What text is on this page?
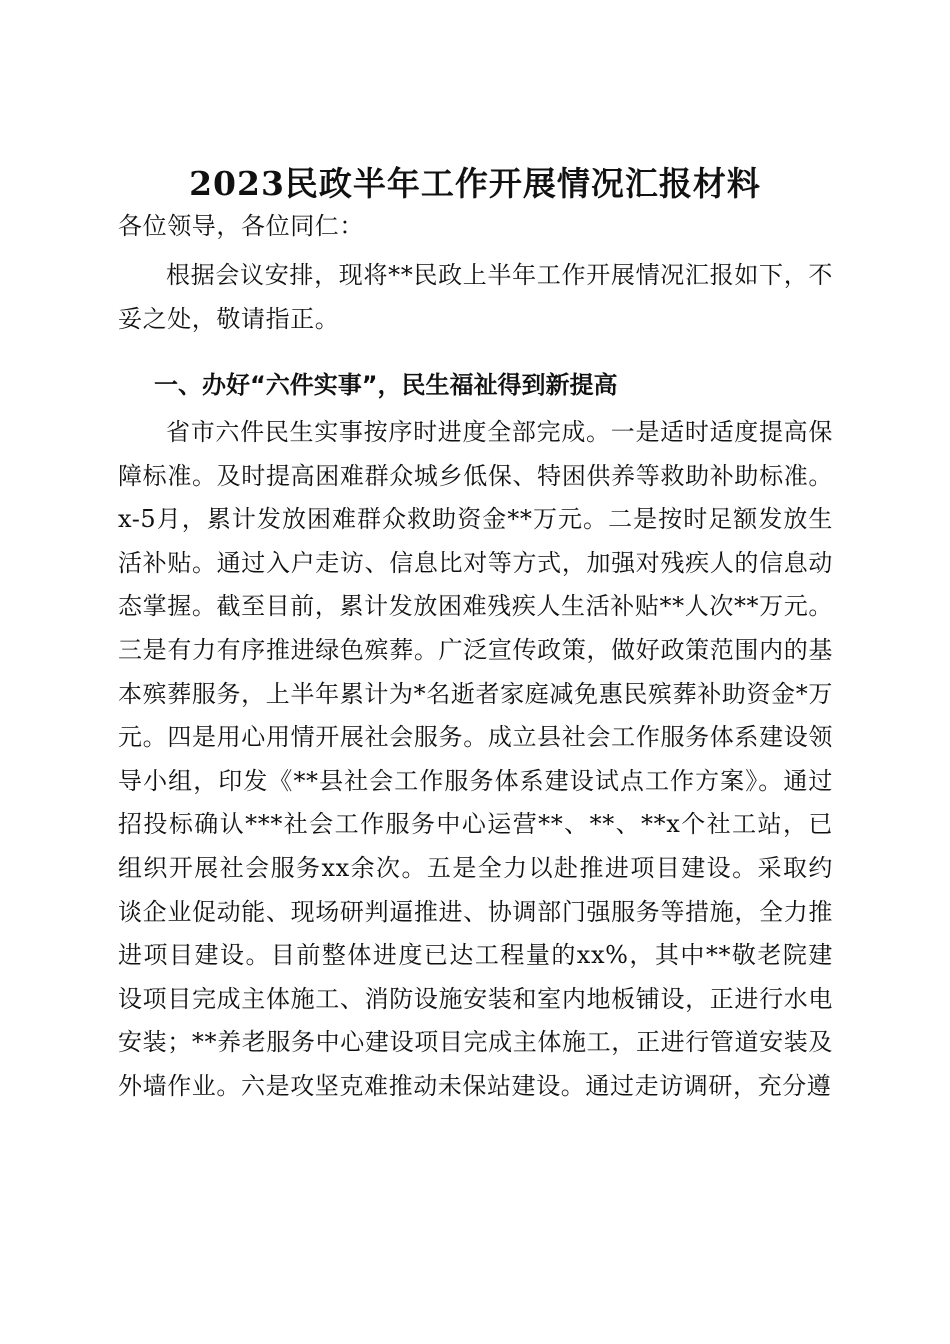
2023民政半年工作开展情况汇报材料

各位领导，各位同仁：

根据会议安排，现将**民政上半年工作开展情况汇报如下，不妥之处，敬请指正。

一、办好“六件实事”，民生福祉得到新提高

省市六件民生实事按序时进度全部完成。一是适时适度提高保障标准。及时提高困难群众城乡低保、特困供养等救助补助标准。x-5月，累计发放困难群众救助资金**万元。二是按时足额发放生活补贴。通过入户走访、信息比对等方式，加强对残疾人的信息动态掌握。截至目前，累计发放困难残疾人生活补贴**人次**万元。三是有力有序推进绿色殡葬。广泛宣传政策，做好政策范围内的基本殡葬服务，上半年累计为*名逝者家庭减免惠民殡葬补助资金*万元。四是用心用情开展社会服务。成立县社会工作服务体系建设领导小组，印发《**县社会工作服务体系建设试点工作方案》。通过招投标确认***社会工作服务中心运营**、**、**x个社工站，已组织开展社会服务xx余次。五是全力以赴推进项目建设。采取约谈企业促动能、现场研判逼推进、协调部门强服务等措施，全力推进项目建设。目前整体进度已达工程量的xx%，其中**敬老院建设项目完成主体施工、消防设施安装和室内地板铺设，正进行水电安装；**养老服务中心建设项目完成主体施工，正进行管道安装及外墙作业。六是攻坚克难推动未保站建设。通过走访调研，充分遵
